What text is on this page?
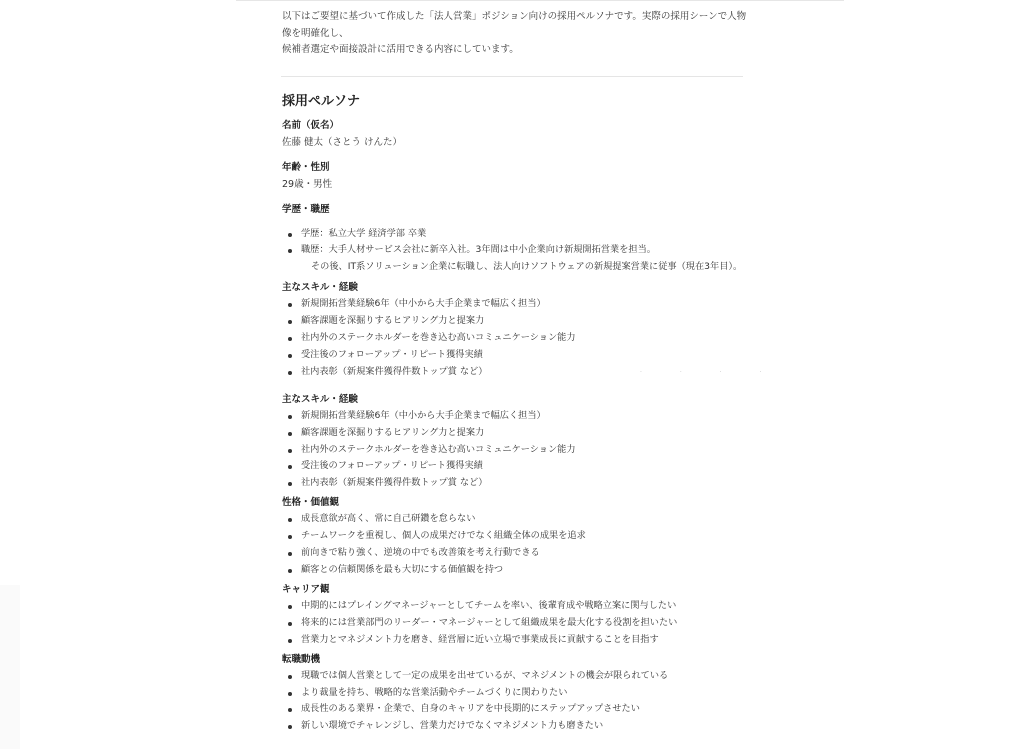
以下はご要望に基づいて作成した「法人営業」ポジション向けの採用ペルソナです。実際の採用シーンで人物像を明確化し、
候補者選定や面接設計に活用できる内容にしています。

採用ペルソナ
名前（仮名）

佐藤 健太（さとう けんた）

年齢・性別

29歳・男性

学歴・職歴
学歴：私立大学 経済学部 卒業
職歴：大手人材サービス会社に新卒入社。3年間は中小企業向け新規開拓営業を担当。
その後、IT系ソリューション企業に転職し、法人向けソフトウェアの新規提案営業に従事（現在3年目）。
主なスキル・経験
新規開拓営業経験6年（中小から大手企業まで幅広く担当）
顧客課題を深掘りするヒアリング力と提案力
社内外のステークホルダーを巻き込む高いコミュニケーション能力
受注後のフォローアップ・リピート獲得実績
社内表彰（新規案件獲得件数トップ賞 など）
主なスキル・経験
新規開拓営業経験6年（中小から大手企業まで幅広く担当）
顧客課題を深掘りするヒアリング力と提案力
社内外のステークホルダーを巻き込む高いコミュニケーション能力
受注後のフォローアップ・リピート獲得実績
社内表彰（新規案件獲得件数トップ賞 など）
性格・価値観
成長意欲が高く、常に自己研鑽を怠らない
チームワークを重視し、個人の成果だけでなく組織全体の成果を追求
前向きで粘り強く、逆境の中でも改善策を考え行動できる
顧客との信頼関係を最も大切にする価値観を持つ
キャリア観
中期的にはプレイングマネージャーとしてチームを率い、後輩育成や戦略立案に関与したい
将来的には営業部門のリーダー・マネージャーとして組織成果を最大化する役割を担いたい
営業力とマネジメント力を磨き、経営層に近い立場で事業成長に貢献することを目指す
転職動機
現職では個人営業として一定の成果を出せているが、マネジメントの機会が限られている
より裁量を持ち、戦略的な営業活動やチームづくりに関わりたい
成長性のある業界・企業で、自身のキャリアを中長期的にステップアップさせたい
新しい環境でチャレンジし、営業力だけでなくマネジメント力も磨きたい
· · · ·
